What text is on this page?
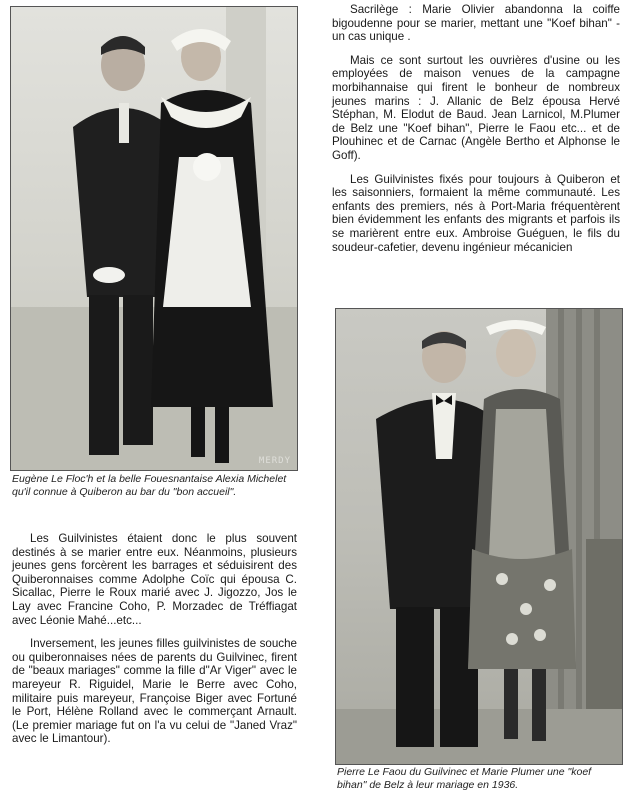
MERDY
Eugène Le Floc'h et la belle Fouesnantaise Alexia Michelet qu'il connue à Quiberon au bar du "bon accueil".
Pierre Le Faou du Guilvinec et Marie Plumer une "koef bihan" de Belz à leur mariage en 1936.

Sacrilège : Marie Olivier abandonna la coiffe bigoudenne pour se marier, mettant une "Koef bihan" - un cas unique .

Mais ce sont surtout les ouvrières d'usine ou les employées de maison venues de la campagne morbihannaise qui firent le bonheur de nombreux jeunes marins : J. Allanic de Belz épousa Hervé Stéphan, M. Elodut de Baud. Jean Larnicol, M.Plumer de Belz une "Koef bihan", Pierre le Faou etc... et de Plouhinec et de Carnac (Angèle Bertho et Alphonse le Goff).

Les Guilvinistes fixés pour toujours à Quiberon et les saisonniers, formaient la même communauté. Les enfants des premiers, nés à Port-Maria fréquentèrent bien évidemment les enfants des migrants et parfois ils se marièrent entre eux. Ambroise Guéguen, le fils du soudeur-cafetier, devenu ingénieur mécanicien

Les Guilvinistes étaient donc le plus souvent destinés à se marier entre eux. Néanmoins, plusieurs jeunes gens forcèrent les barrages et séduisirent des Quiberonnaises comme Adolphe Coïc qui épousa C. Sicallac, Pierre le Roux marié avec J. Jigozzo, Jos le Lay avec Francine Coho, P. Morzadec de Tréffiagat avec Léonie Mahé...etc...

Inversement, les jeunes filles guilvinistes de souche ou quiberonnaises nées de parents du Guilvinec, firent de "beaux mariages" comme la fille d"Ar Viger" avec le mareyeur R. Riguidel, Marie le Berre avec Coho, militaire puis mareyeur, Françoise Biger avec Fortuné le Port, Hélène Rolland avec le commerçant Arnault. (Le premier mariage fut on l'a vu celui de "Janed Vraz" avec le Limantour).
